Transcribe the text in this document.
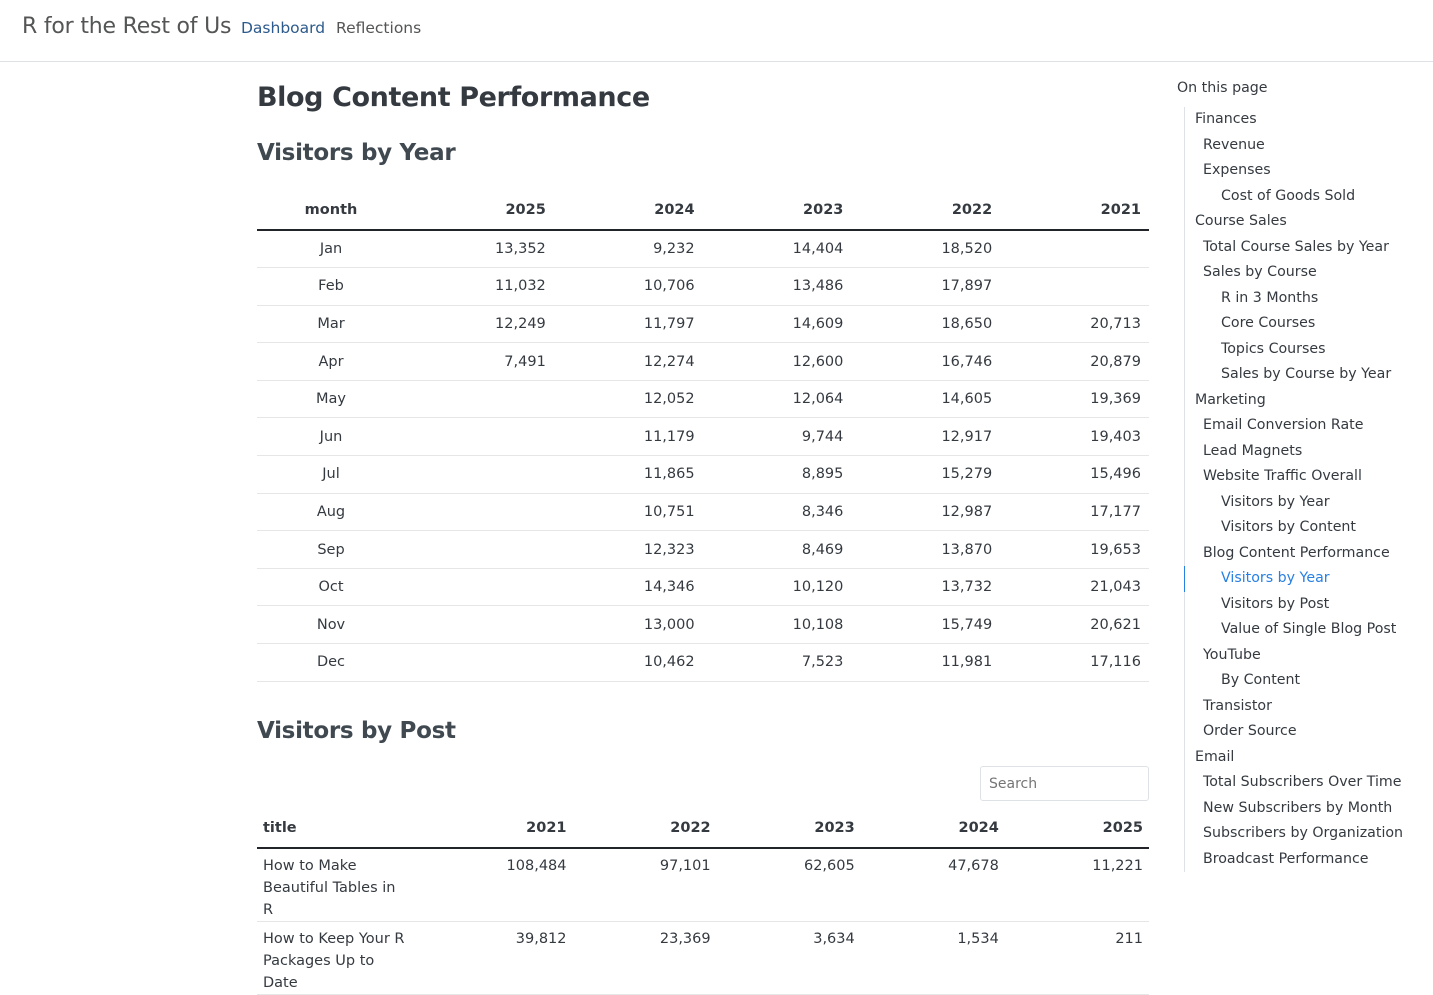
R for the Rest of Us Dashboard Reflections
Blog Content Performance
Visitors by Year
month	2025	2024	2023	2022	2021
Jan	13,352	9,232	14,404	18,520	
Feb	11,032	10,706	13,486	17,897	
Mar	12,249	11,797	14,609	18,650	20,713
Apr	7,491	12,274	12,600	16,746	20,879
May		12,052	12,064	14,605	19,369
Jun		11,179	9,744	12,917	19,403
Jul		11,865	8,895	15,279	15,496
Aug		10,751	8,346	12,987	17,177
Sep		12,323	8,469	13,870	19,653
Oct		14,346	10,120	13,732	21,043
Nov		13,000	10,108	15,749	20,621
Dec		10,462	7,523	11,981	17,116
Visitors by Post
Search
title	2021	2022	2023	2024	2025
How to Make Beautiful Tables in R	108,484	97,101	62,605	47,678	11,221
How to Keep Your R Packages Up to Date	39,812	23,369	3,634	1,534	211
On this page
Finances
Revenue
Expenses
Cost of Goods Sold
Course Sales
Total Course Sales by Year
Sales by Course
R in 3 Months
Core Courses
Topics Courses
Sales by Course by Year
Marketing
Email Conversion Rate
Lead Magnets
Website Traffic Overall
Visitors by Year
Visitors by Content
Blog Content Performance
Visitors by Year
Visitors by Post
Value of Single Blog Post
YouTube
By Content
Transistor
Order Source
Email
Total Subscribers Over Time
New Subscribers by Month
Subscribers by Organization
Broadcast Performance
